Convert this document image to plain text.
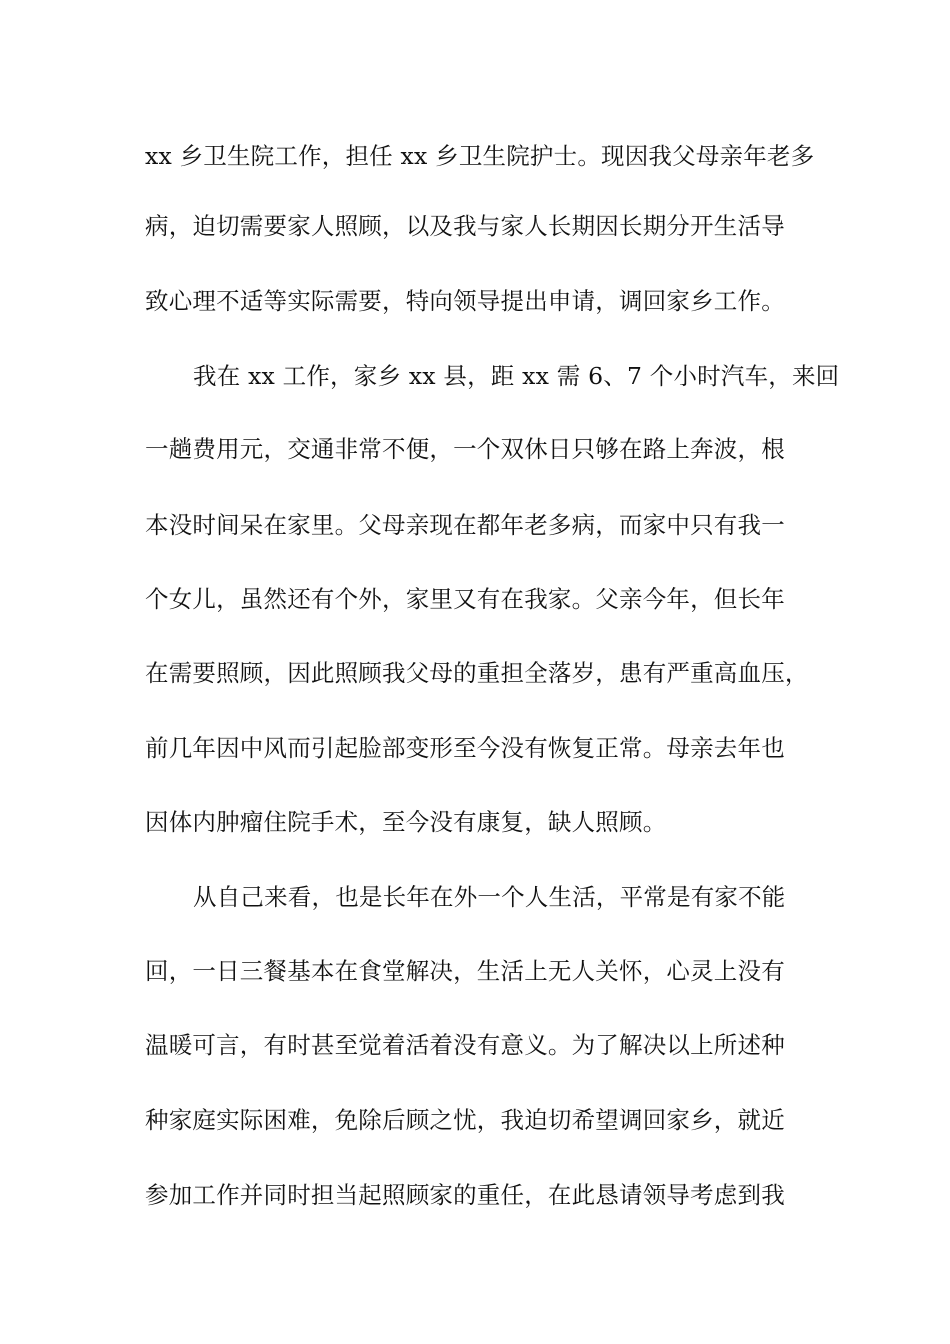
xx 乡卫生院工作，担任 xx 乡卫生院护士。现因我父母亲年老多
病，迫切需要家人照顾，以及我与家人长期因长期分开生活导
致心理不适等实际需要，特向领导提出申请，调回家乡工作。
我在 xx 工作，家乡 xx 县，距 xx 需 6、7 个小时汽车，来回
一趟费用元，交通非常不便，一个双休日只够在路上奔波，根
本没时间呆在家里。父母亲现在都年老多病，而家中只有我一
个女儿，虽然还有个外，家里又有在我家。父亲今年，但长年
在需要照顾，因此照顾我父母的重担全落岁，患有严重高血压，
前几年因中风而引起脸部变形至今没有恢复正常。母亲去年也
因体内肿瘤住院手术，至今没有康复，缺人照顾。
从自己来看，也是长年在外一个人生活，平常是有家不能
回，一日三餐基本在食堂解决，生活上无人关怀，心灵上没有
温暖可言，有时甚至觉着活着没有意义。为了解决以上所述种
种家庭实际困难，免除后顾之忧，我迫切希望调回家乡，就近
参加工作并同时担当起照顾家的重任，在此恳请领导考虑到我
